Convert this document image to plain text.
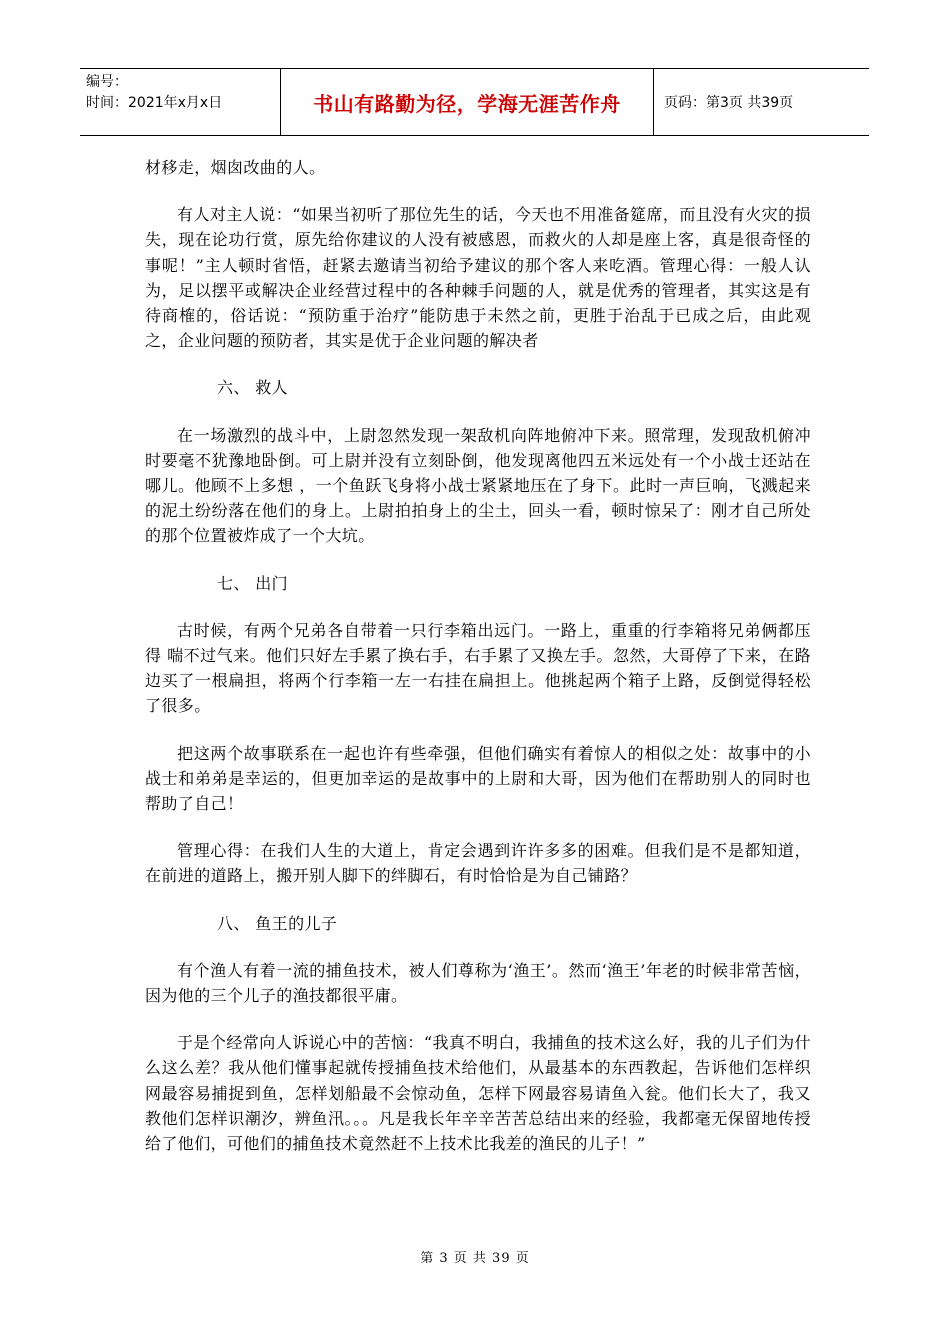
编号：
时间：2021年x月x日	书山有路勤为径，学海无涯苦作舟	页码：第3页 共39页

材移走，烟囱改曲的人。

有人对主人说：“如果当初听了那位先生的话，今天也不用准备筵席，而且没有火灾的损失，现在论功行赏，原先给你建议的人没有被感恩，而救火的人却是座上客，真是很奇怪的事呢！”主人顿时省悟，赶紧去邀请当初给予建议的那个客人来吃酒。管理心得：一般人认为，足以摆平或解决企业经营过程中的各种棘手问题的人，就是优秀的管理者，其实这是有待商榷的，俗话说：“预防重于治疗”能防患于未然之前，更胜于治乱于已成之后，由此观之，企业问题的预防者，其实是优于企业问题的解决者

六、 救人

在一场激烈的战斗中，上尉忽然发现一架敌机向阵地俯冲下来。照常理，发现敌机俯冲时要毫不犹豫地卧倒。可上尉并没有立刻卧倒，他发现离他四五米远处有一个小战士还站在哪儿。他顾不上多想 ，一个鱼跃飞身将小战士紧紧地压在了身下。此时一声巨响，飞溅起来的泥土纷纷落在他们的身上。上尉拍拍身上的尘土，回头一看，顿时惊呆了：刚才自己所处的那个位置被炸成了一个大坑。

七、 出门

古时候，有两个兄弟各自带着一只行李箱出远门。一路上，重重的行李箱将兄弟俩都压得 喘不过气来。他们只好左手累了换右手，右手累了又换左手。忽然，大哥停了下来，在路边买了一根扁担，将两个行李箱一左一右挂在扁担上。他挑起两个箱子上路，反倒觉得轻松了很多。

把这两个故事联系在一起也许有些牵强，但他们确实有着惊人的相似之处：故事中的小战士和弟弟是幸运的，但更加幸运的是故事中的上尉和大哥，因为他们在帮助别人的同时也帮助了自己！

管理心得：在我们人生的大道上，肯定会遇到许许多多的困难。但我们是不是都知道，在前进的道路上，搬开别人脚下的绊脚石，有时恰恰是为自己铺路？

八、 鱼王的儿子

有个渔人有着一流的捕鱼技术，被人们尊称为‘渔王’。然而‘渔王’年老的时候非常苦恼，因为他的三个儿子的渔技都很平庸。

于是个经常向人诉说心中的苦恼：“我真不明白，我捕鱼的技术这么好，我的儿子们为什么这么差？我从他们懂事起就传授捕鱼技术给他们，从最基本的东西教起，告诉他们怎样织网最容易捕捉到鱼，怎样划船最不会惊动鱼，怎样下网最容易请鱼入瓮。他们长大了，我又教他们怎样识潮汐，辨鱼汛。。。凡是我长年辛辛苦苦总结出来的经验，我都毫无保留地传授给了他们，可他们的捕鱼技术竟然赶不上技术比我差的渔民的儿子！”

第 3 页 共 39 页
